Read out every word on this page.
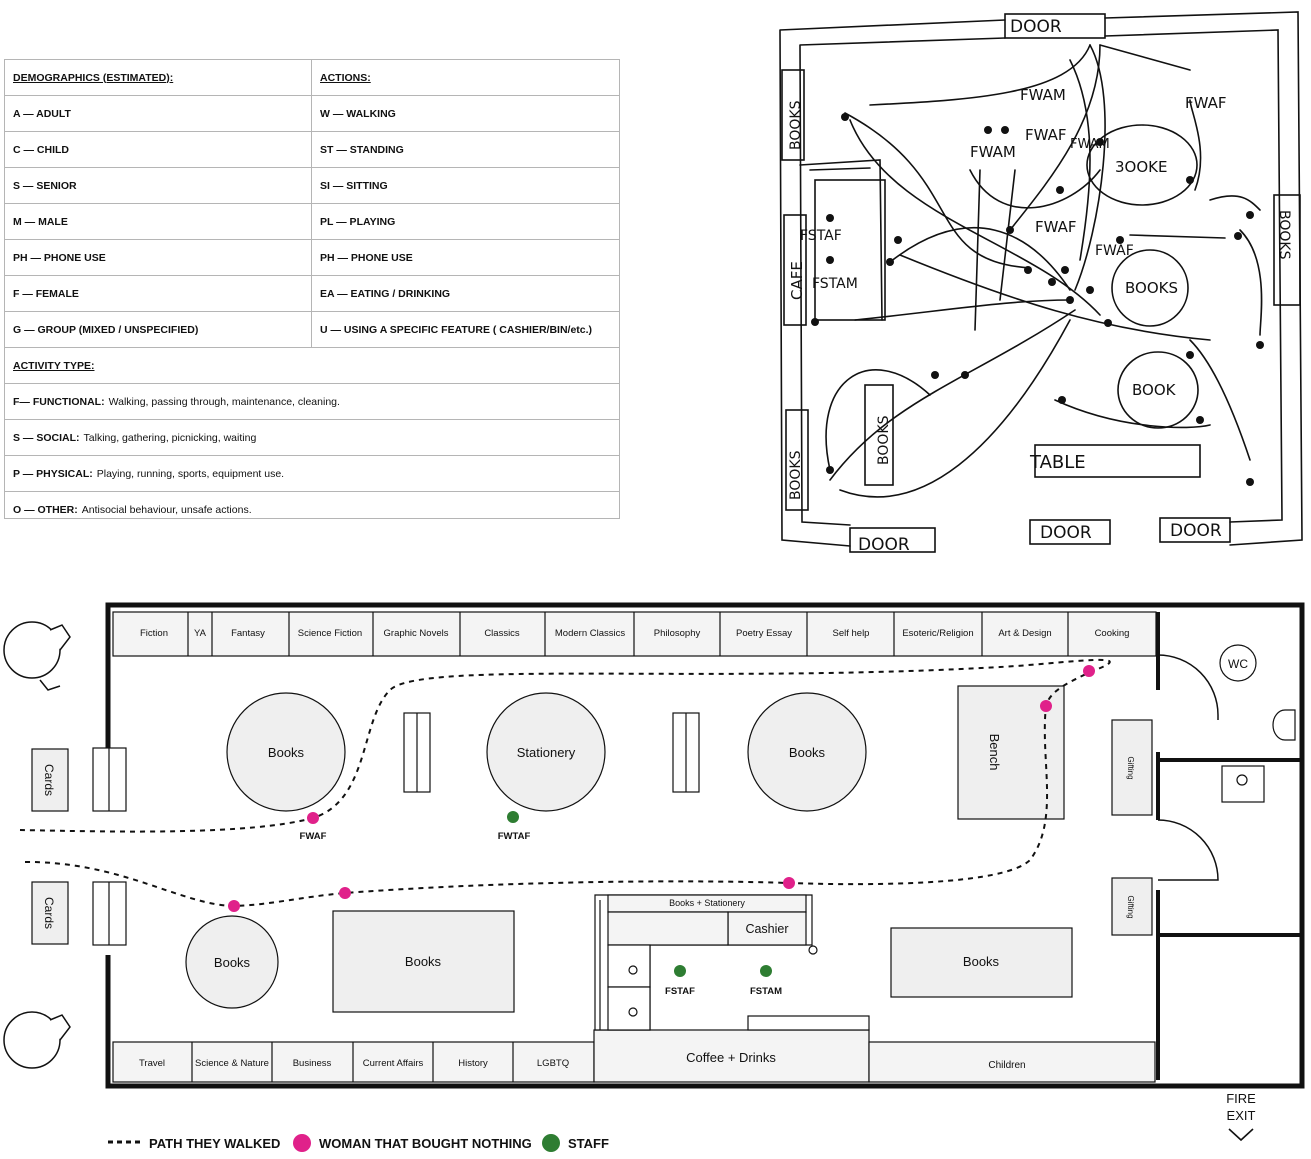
DEMOGRAPHICS (ESTIMATED):	ACTIONS:
A — ADULT	W — WALKING
C — CHILD	ST — STANDING
S — SENIOR	SI — SITTING
M — MALE	PL — PLAYING
PH — PHONE USE	PH — PHONE USE
F — FEMALE	EA — EATING / DRINKING
G — GROUP (MIXED / UNSPECIFIED)	U — USING A SPECIFIC FEATURE ( CASHIER/BIN/etc.)
ACTIVITY TYPE:
F— FUNCTIONAL: Walking, passing through, maintenance, cleaning.
S — SOCIAL: Talking, gathering, picnicking, waiting
P — PHYSICAL: Playing, running, sports, equipment use.
O — OTHER: Antisocial behaviour, unsafe actions.
DOOR
DOOR
DOOR	DOOR
TABLE
3OOKE
BOOKS
BOOK
BOOKS
BOOKS
CAFE
BOOKS
BOOKS
FWAM	FWAF
FWAM
FWAF
FWAM
FWAF
FWAF
FSTAF
FSTAM
Fiction	YA	Fantasy	Science Fiction Graphic Novels	Classics	Modern Classics	Philosophy	Poetry Essay	Self help	Esoteric/Religion	Art & Design	Cooking
Travel	Science & Nature	Business	Current Affairs	History	LGBTQ	Coffee + Drinks
Children
Books	Stationery	Books
Books	Books	Books
Bench
Cards
Cards
Gifting
Gifting
WC
Books + Stationery
Cashier
FWAF	FWTAF
FSTAF	FSTAM
FIRE
EXIT
PATH THEY WALKED	WOMAN THAT BOUGHT NOTHING	STAFF
